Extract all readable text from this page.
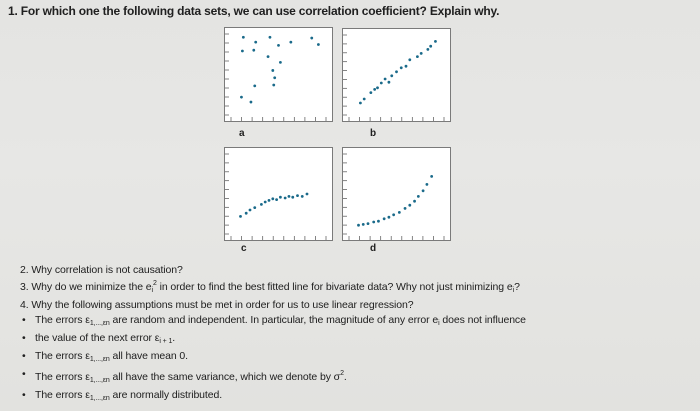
1. For which one the following data sets, we can use correlation coefficient? Explain why.
a	b
c	d

2. Why correlation is not causation?

3. Why do we minimize the $e_i^2$ in order to find the best fitted line for bivariate data? Why not just minimizing $e_i$?

4. Why the following assumptions must be met in order for us to use linear regression?

• The errors $\varepsilon_{1,...,\varepsilon n}$ are random and independent. In particular, the magnitude of any error $e_i$ does not influence
• the value of the next error $\varepsilon_{i + 1}$.
• The errors $\varepsilon_{1,...,\varepsilon n}$ all have mean 0.
• The errors $\varepsilon_{1,...,\varepsilon n}$ all have the same variance, which we denote by $\sigma^2$.
• The errors $\varepsilon_{1,...,\varepsilon n}$ are normally distributed.
